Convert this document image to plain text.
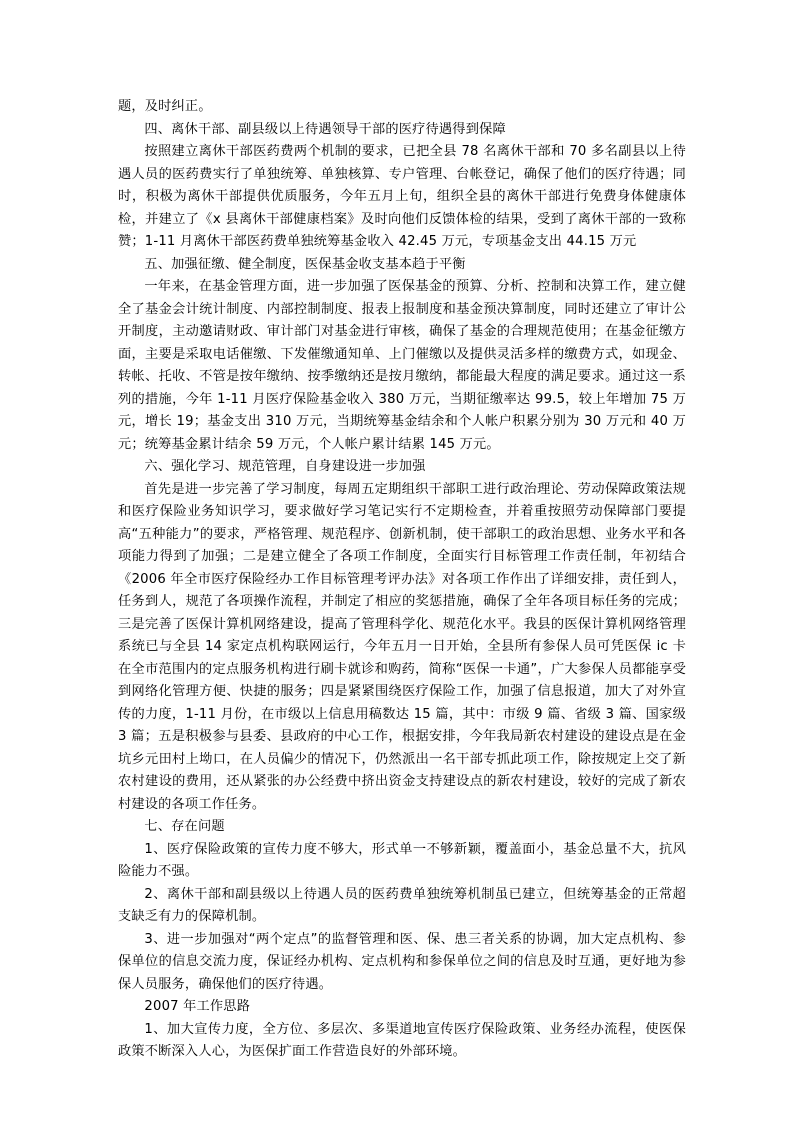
题，及时纠正。

四、离休干部、副县级以上待遇领导干部的医疗待遇得到保障

按照建立离休干部医药费两个机制的要求，已把全县 78 名离休干部和 70 多名副县以上待遇人员的医药费实行了单独统筹、单独核算、专户管理、台帐登记，确保了他们的医疗待遇；同时，积极为离休干部提供优质服务，今年五月上旬，组织全县的离休干部进行免费身体健康体检，并建立了《x 县离休干部健康档案》及时向他们反馈体检的结果，受到了离休干部的一致称赞；1-11 月离休干部医药费单独统筹基金收入 42.45 万元，专项基金支出 44.15 万元

五、加强征缴、健全制度，医保基金收支基本趋于平衡

一年来，在基金管理方面，进一步加强了医保基金的预算、分析、控制和决算工作，建立健全了基金会计统计制度、内部控制制度、报表上报制度和基金预决算制度，同时还建立了审计公开制度，主动邀请财政、审计部门对基金进行审核，确保了基金的合理规范使用；在基金征缴方面，主要是采取电话催缴、下发催缴通知单、上门催缴以及提供灵活多样的缴费方式，如现金、转帐、托收、不管是按年缴纳、按季缴纳还是按月缴纳，都能最大程度的满足要求。通过这一系列的措施，今年 1-11 月医疗保险基金收入 380 万元，当期征缴率达 99.5，较上年增加 75 万元，增长 19；基金支出 310 万元，当期统筹基金结余和个人帐户积累分别为 30 万元和 40 万元；统筹基金累计结余 59 万元，个人帐户累计结累 145 万元。

六、强化学习、规范管理，自身建设进一步加强

首先是进一步完善了学习制度，每周五定期组织干部职工进行政治理论、劳动保障政策法规和医疗保险业务知识学习，要求做好学习笔记实行不定期检查，并着重按照劳动保障部门要提高“五种能力”的要求，严格管理、规范程序、创新机制，使干部职工的政治思想、业务水平和各项能力得到了加强；二是建立健全了各项工作制度，全面实行目标管理工作责任制，年初结合《2006 年全市医疗保险经办工作目标管理考评办法》对各项工作作出了详细安排，责任到人，任务到人，规范了各项操作流程，并制定了相应的奖惩措施，确保了全年各项目标任务的完成；三是完善了医保计算机网络建设，提高了管理科学化、规范化水平。我县的医保计算机网络管理系统已与全县 14 家定点机构联网运行，今年五月一日开始，全县所有参保人员可凭医保 ic 卡在全市范围内的定点服务机构进行刷卡就诊和购药，简称“医保一卡通”，广大参保人员都能享受到网络化管理方便、快捷的服务；四是紧紧围绕医疗保险工作，加强了信息报道，加大了对外宣传的力度，1-11 月份，在市级以上信息用稿数达 15 篇，其中：市级 9 篇、省级 3 篇、国家级 3 篇；五是积极参与县委、县政府的中心工作，根据安排，今年我局新农村建设的建设点是在金坑乡元田村上坳口，在人员偏少的情况下，仍然派出一名干部专抓此项工作，除按规定上交了新农村建设的费用，还从紧张的办公经费中挤出资金支持建设点的新农村建设，较好的完成了新农村建设的各项工作任务。

七、存在问题

1、医疗保险政策的宣传力度不够大，形式单一不够新颖，覆盖面小，基金总量不大，抗风险能力不强。

2、离休干部和副县级以上待遇人员的医药费单独统筹机制虽已建立，但统筹基金的正常超支缺乏有力的保障机制。

3、进一步加强对“两个定点”的监督管理和医、保、患三者关系的协调，加大定点机构、参保单位的信息交流力度，保证经办机构、定点机构和参保单位之间的信息及时互通，更好地为参保人员服务，确保他们的医疗待遇。

2007 年工作思路

1、加大宣传力度，全方位、多层次、多渠道地宣传医疗保险政策、业务经办流程，使医保政策不断深入人心，为医保扩面工作营造良好的外部环境。
